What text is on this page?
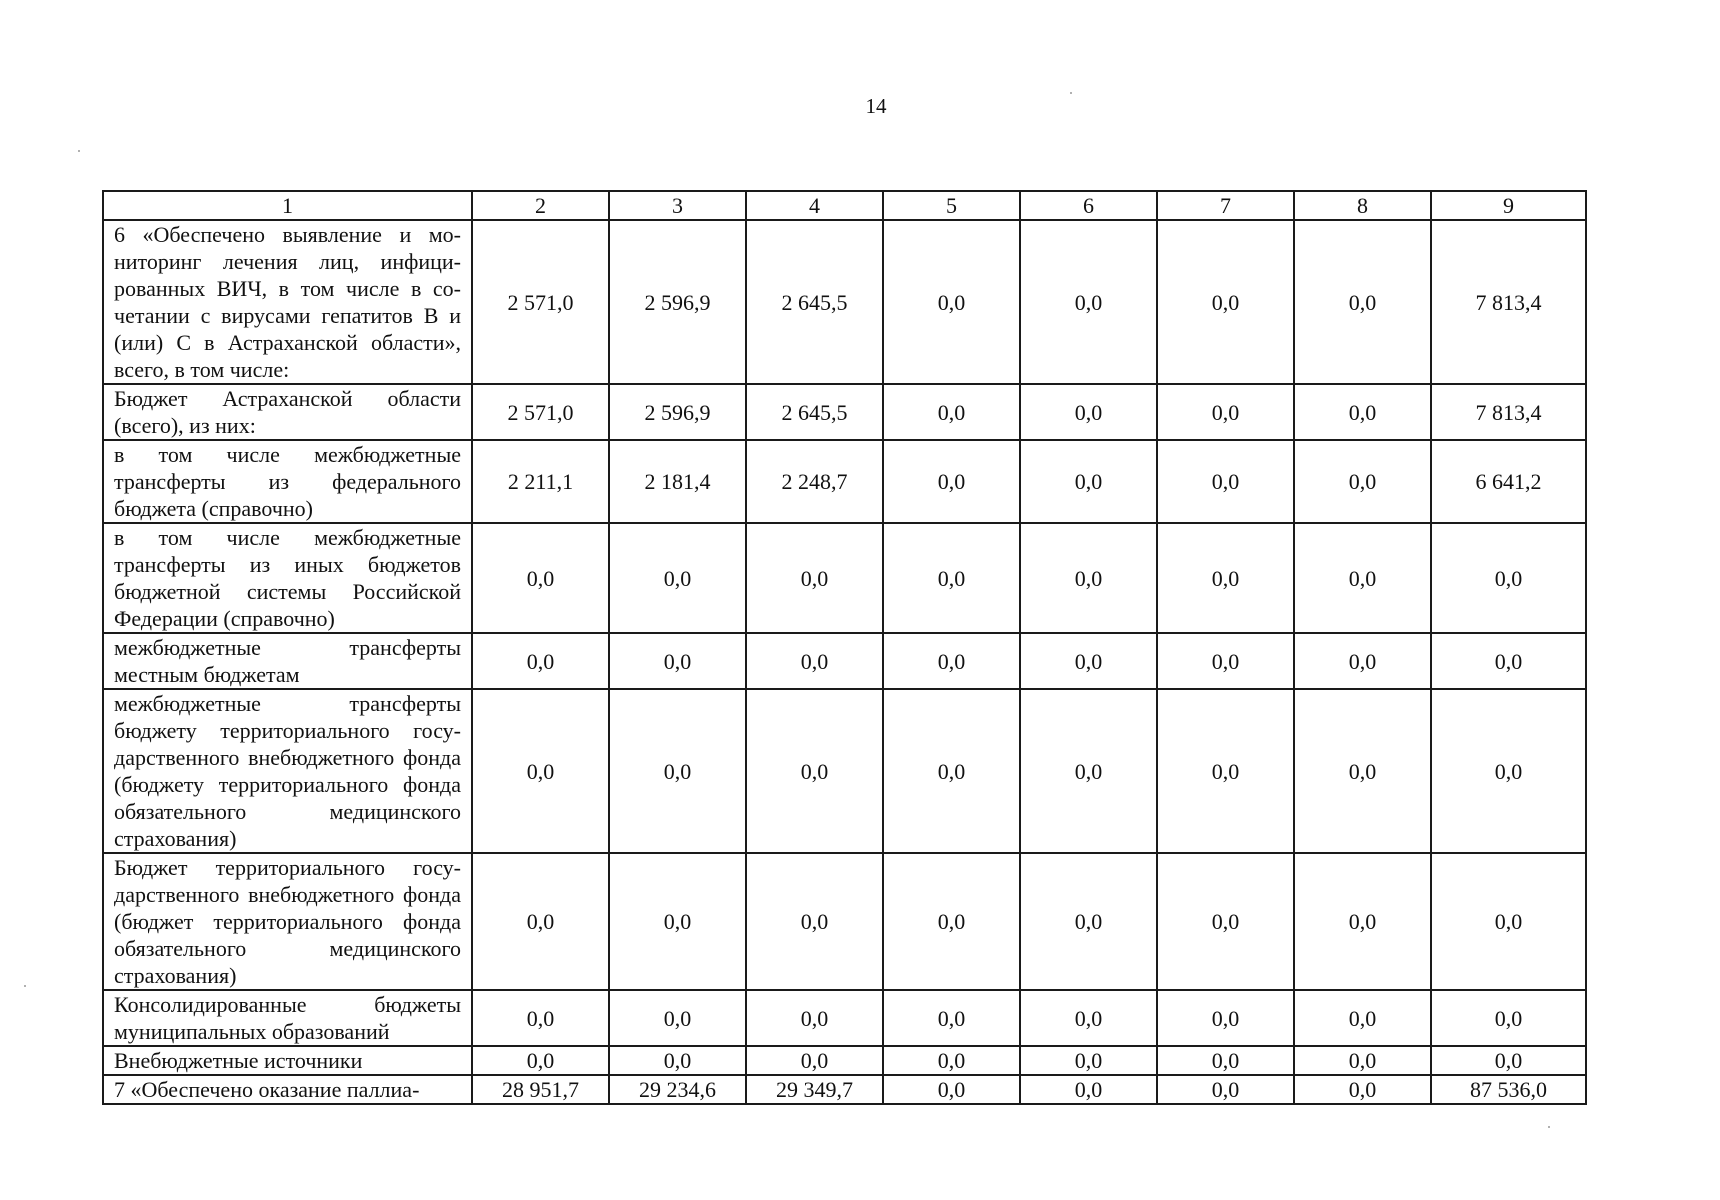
14
1	2	3	4	5	6	7	8	9
6 «Обеспечено выявление и мониторинг лечения лиц, инфицированных ВИЧ, в том числе в сочетании с вирусами гепатитов В и (или) С в Астраханской области», всего, в том числе:	2 571,0	2 596,9	2 645,5	0,0	0,0	0,0	0,0	7 813,4
Бюджет Астраханской области (всего), из них:	2 571,0	2 596,9	2 645,5	0,0	0,0	0,0	0,0	7 813,4
в том числе межбюджетные трансферты из федерального бюджета (справочно)	2 211,1	2 181,4	2 248,7	0,0	0,0	0,0	0,0	6 641,2
в том числе межбюджетные трансферты из иных бюджетов бюджетной системы Российской Федерации (справочно)	0,0	0,0	0,0	0,0	0,0	0,0	0,0	0,0
межбюджетные трансферты местным бюджетам	0,0	0,0	0,0	0,0	0,0	0,0	0,0	0,0
межбюджетные трансферты бюджету территориального государственного внебюджетного фонда (бюджету территориального фонда обязательного медицинского страхования)	0,0	0,0	0,0	0,0	0,0	0,0	0,0	0,0
Бюджет территориального государственного внебюджетного фонда (бюджет территориального фонда обязательного медицинского страхования)	0,0	0,0	0,0	0,0	0,0	0,0	0,0	0,0
Консолидированные бюджеты муниципальных образований	0,0	0,0	0,0	0,0	0,0	0,0	0,0	0,0
Внебюджетные источники	0,0	0,0	0,0	0,0	0,0	0,0	0,0	0,0
7 «Обеспечено оказание паллиа-	28 951,7	29 234,6	29 349,7	0,0	0,0	0,0	0,0	87 536,0
